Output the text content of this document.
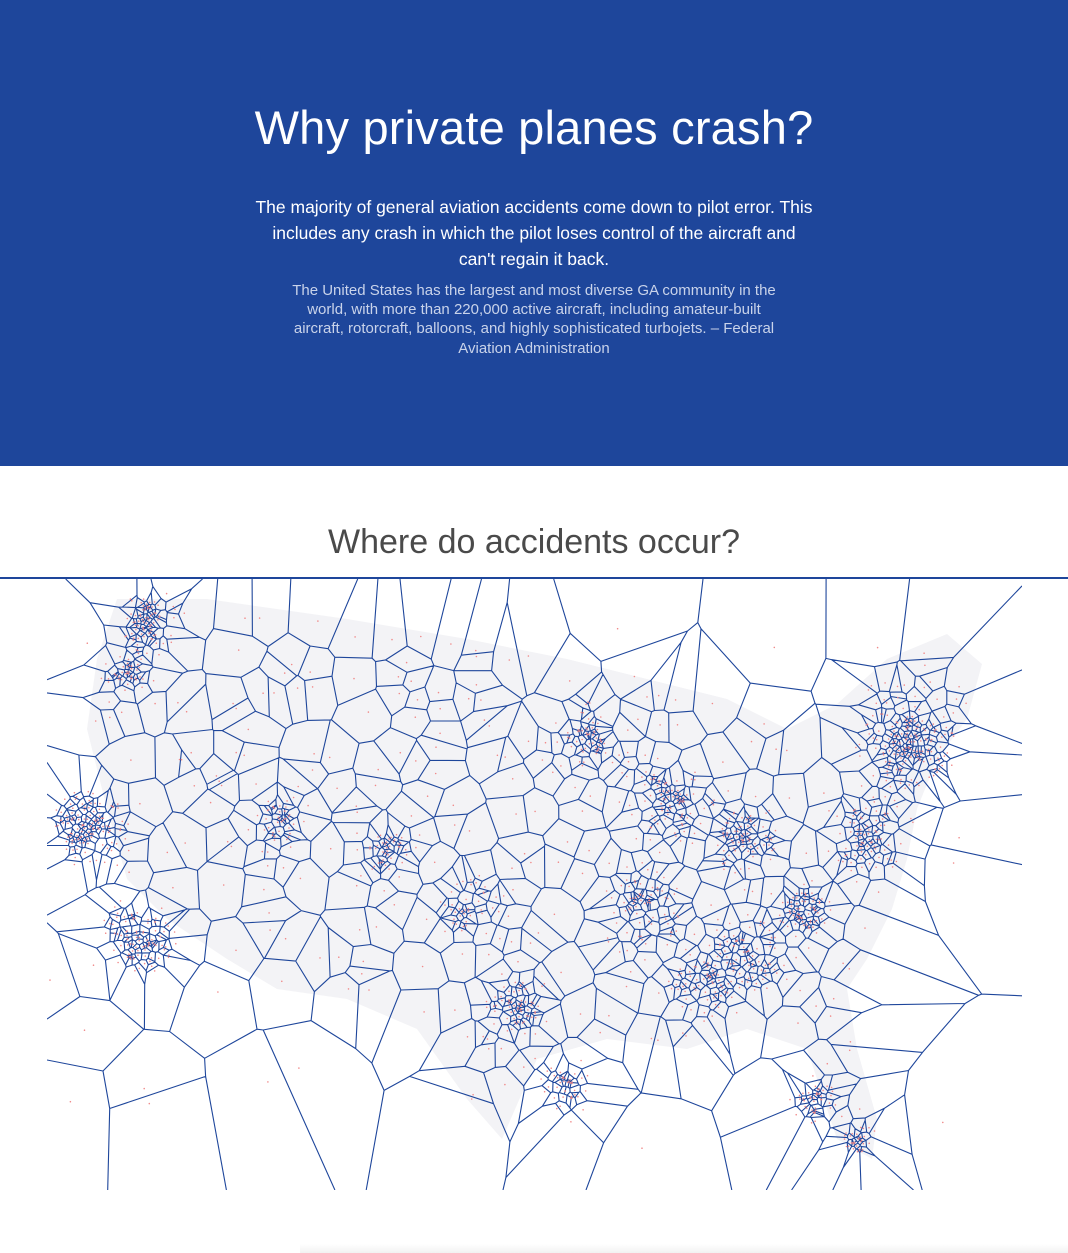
Why private planes crash?

The majority of general aviation accidents come down to pilot error. This includes any crash in which the pilot loses control of the aircraft and can't regain it back.

The United States has the largest and most diverse GA community in the world, with more than 220,000 active aircraft, including amateur-built aircraft, rotorcraft, balloons, and highly sophisticated turbojets. – Federal Aviation Administration

Where do accidents occur?
